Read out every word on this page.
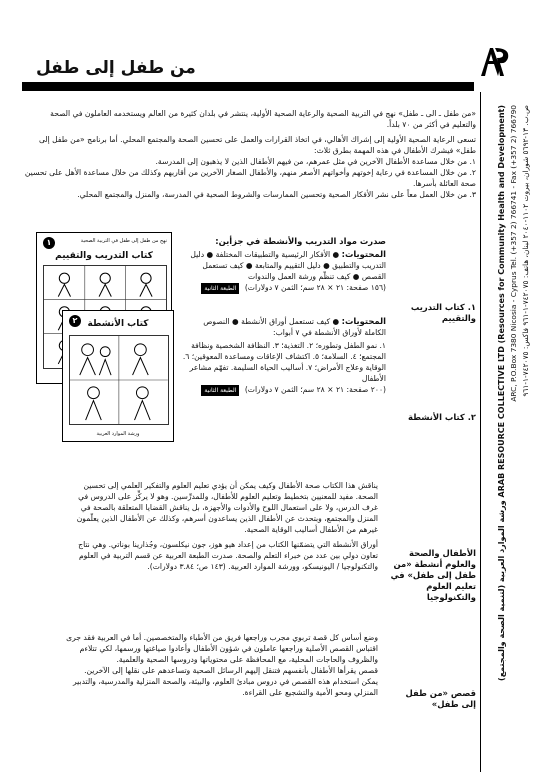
من طفل إلى طفل
ARAB RESOURCE COLLECTIVE LTD (Resources for Community Health and Development) ورشة الموارد العربية (لتنمية الصحة والمجتمع) ARC, P.O.Box 7380 Nicosia - Cyprus Tel. (+357 2) 766741 - Fax (+357 2) 766790 ص.ب. ١٣-٥٦٩٢ شوران، بيروت ١١٠٢-٢٠٤٠ لبنان، هاتف: ٧٤٢٠٧٥-١-٩٦١ فاكس: ٧٤٢٠٧٥-١-٩٦١
«من طفل ـ الى ـ طفل» نهج في التربية الصحية والرعاية الصحية الأولية، ينتشر في بلدان كثيرة من العالم ويستخدمه العاملون في الصحة والتعليم في أكثر من ٧٠ بلداً.
تسعى الرعاية الصحية الأولية إلى إشراك الأهالي، في اتخاذ القرارات والعمل على تحسين الصحة والمجتمع المحلي. أما برنامج «من طفل إلى طفل» فيشرك الأطفال في هذه المهمة بطرق ثلاث:
١. من خلال مساعدة الأطفال الآخرين في مثل عمرهم، من فيهم الأطفال الذين لا يذهبون إلى المدرسة.
٢. من خلال المساعدة في رعاية إخوتهم وأخواتهم الأصغر منهم، والأطفال الصغار الآخرين من أقاربهم وكذلك من خلال مساعدة الأهل على تحسين صحة العائلة بأسرها.
٣. من خلال العمل معاً على نشر الأفكار الصحية وتحسين الممارسات والشروط الصحية في المدرسة، والمنزل والمجتمع المحلي.
١. كتاب التدريب والتقييم
صدرت مواد التدريب والأنشطة في جزأين:
المحتويات: ● الأفكار الرئيسية والتطبيقات المختلفة ● دليل التدريب والتطبيق ● دليل التقييم والمتابعة ● كيف تستعمل القصص ● كيف تنظّم ورشة العمل والندوات
(١٥٦ صفحة: ٢١ × ٢٨ سم؛ الثمن ٧ دولارات) الطبعة الثانية
١	نهج من طفل إلى طفل في التربية الصحية
كتاب التدريب والتقييم
٢. كتاب الأنشطة
المحتويات: ● كيف تستعمل أوراق الأنشطة ● النصوص الكاملة لأوراق الأنشطة في ٧ أبواب:
١. نمو الطفل وتطوره؛ ٢. التغذية؛ ٣. النظافة الشخصية ونظافة المجتمع؛ ٤. السلامة؛ ٥. اكتشاف الإعاقات ومساعدة المعوقين؛ ٦. الوقاية وعلاج الأمراض؛ ٧. أساليب الحياة السليمة. تفهّم مشاعر الأطفال
(٢٠٠ صفحة: ٢١ × ٢٨ سم؛ الثمن ٧ دولارات) الطبعة الثانية
٢	كتاب الأنشطة
ورشة الموارد العربية
الأطفال والصحة والعلوم أنشطة «من طفل إلى طفل» في تعليم العلوم والتكنولوجيا
يناقش هذا الكتاب صحة الأطفال وكيف يمكن أن يؤدي تعليم العلوم والتفكير العلمي إلى تحسين الصحة. مفيد للمعنيين بتخطيط وتعليم العلوم للأطفال، وللمدرِّسين. وهو لا يركِّز على الدروس في غرف الدرس، ولا على استعمال اللوح والأدوات والأجهزة، بل يناقش القضايا المتعلقة بالصحة في المنزل والمجتمع، وبتحدث عن الأطفال الذين يساعدون أسرهم، وكذلك عن الأطفال الذين يعلّمون غيرهم من الأطفال أساليب الوقاية الصحية.
أوراق الأنشطة التي يتضمّنها الكتاب من إعداد هيو هوز، جون نيكلسون، وجُذارينا بوناتي. وهي نتاج تعاون دولي بين عدد من خبراء التعلم والصحة. صدرت الطبعة العربية عن قسم التربية في العلوم والتكنولوجيا / اليونيسكو، وورشة الموارد العربية. (١٤٣ ص؛ ٣.٨٤ دولارات).
قصص «من طفل إلى طفل»
وضع أساس كل قصة تربوي مجرب وراجعها فريق من الأطباء والمتخصصين. أما في العربية فقد جرى اقتباس القصص الأصلية وراجعها عاملون في شؤون الأطفال وأعادوا صياغتها ورسمها، لكي تتلاءم والظروف والحاجات المحلية، مع المحافظة على محتوياتها ودروسها الصحية والعلمية.
قصص يقرأها الأطفال بأنفسهم فتنقل إليهم الرسائل الصحية وتساعدهم على نقلها إلى الآخرين.
يمكن استخدام هذه القصص في دروس مبادئ العلوم، والبيئة، والصحة المنزلية والمدرسية، والتدبير المنزلي ومحو الأمية والتشجيع على القراءة.
